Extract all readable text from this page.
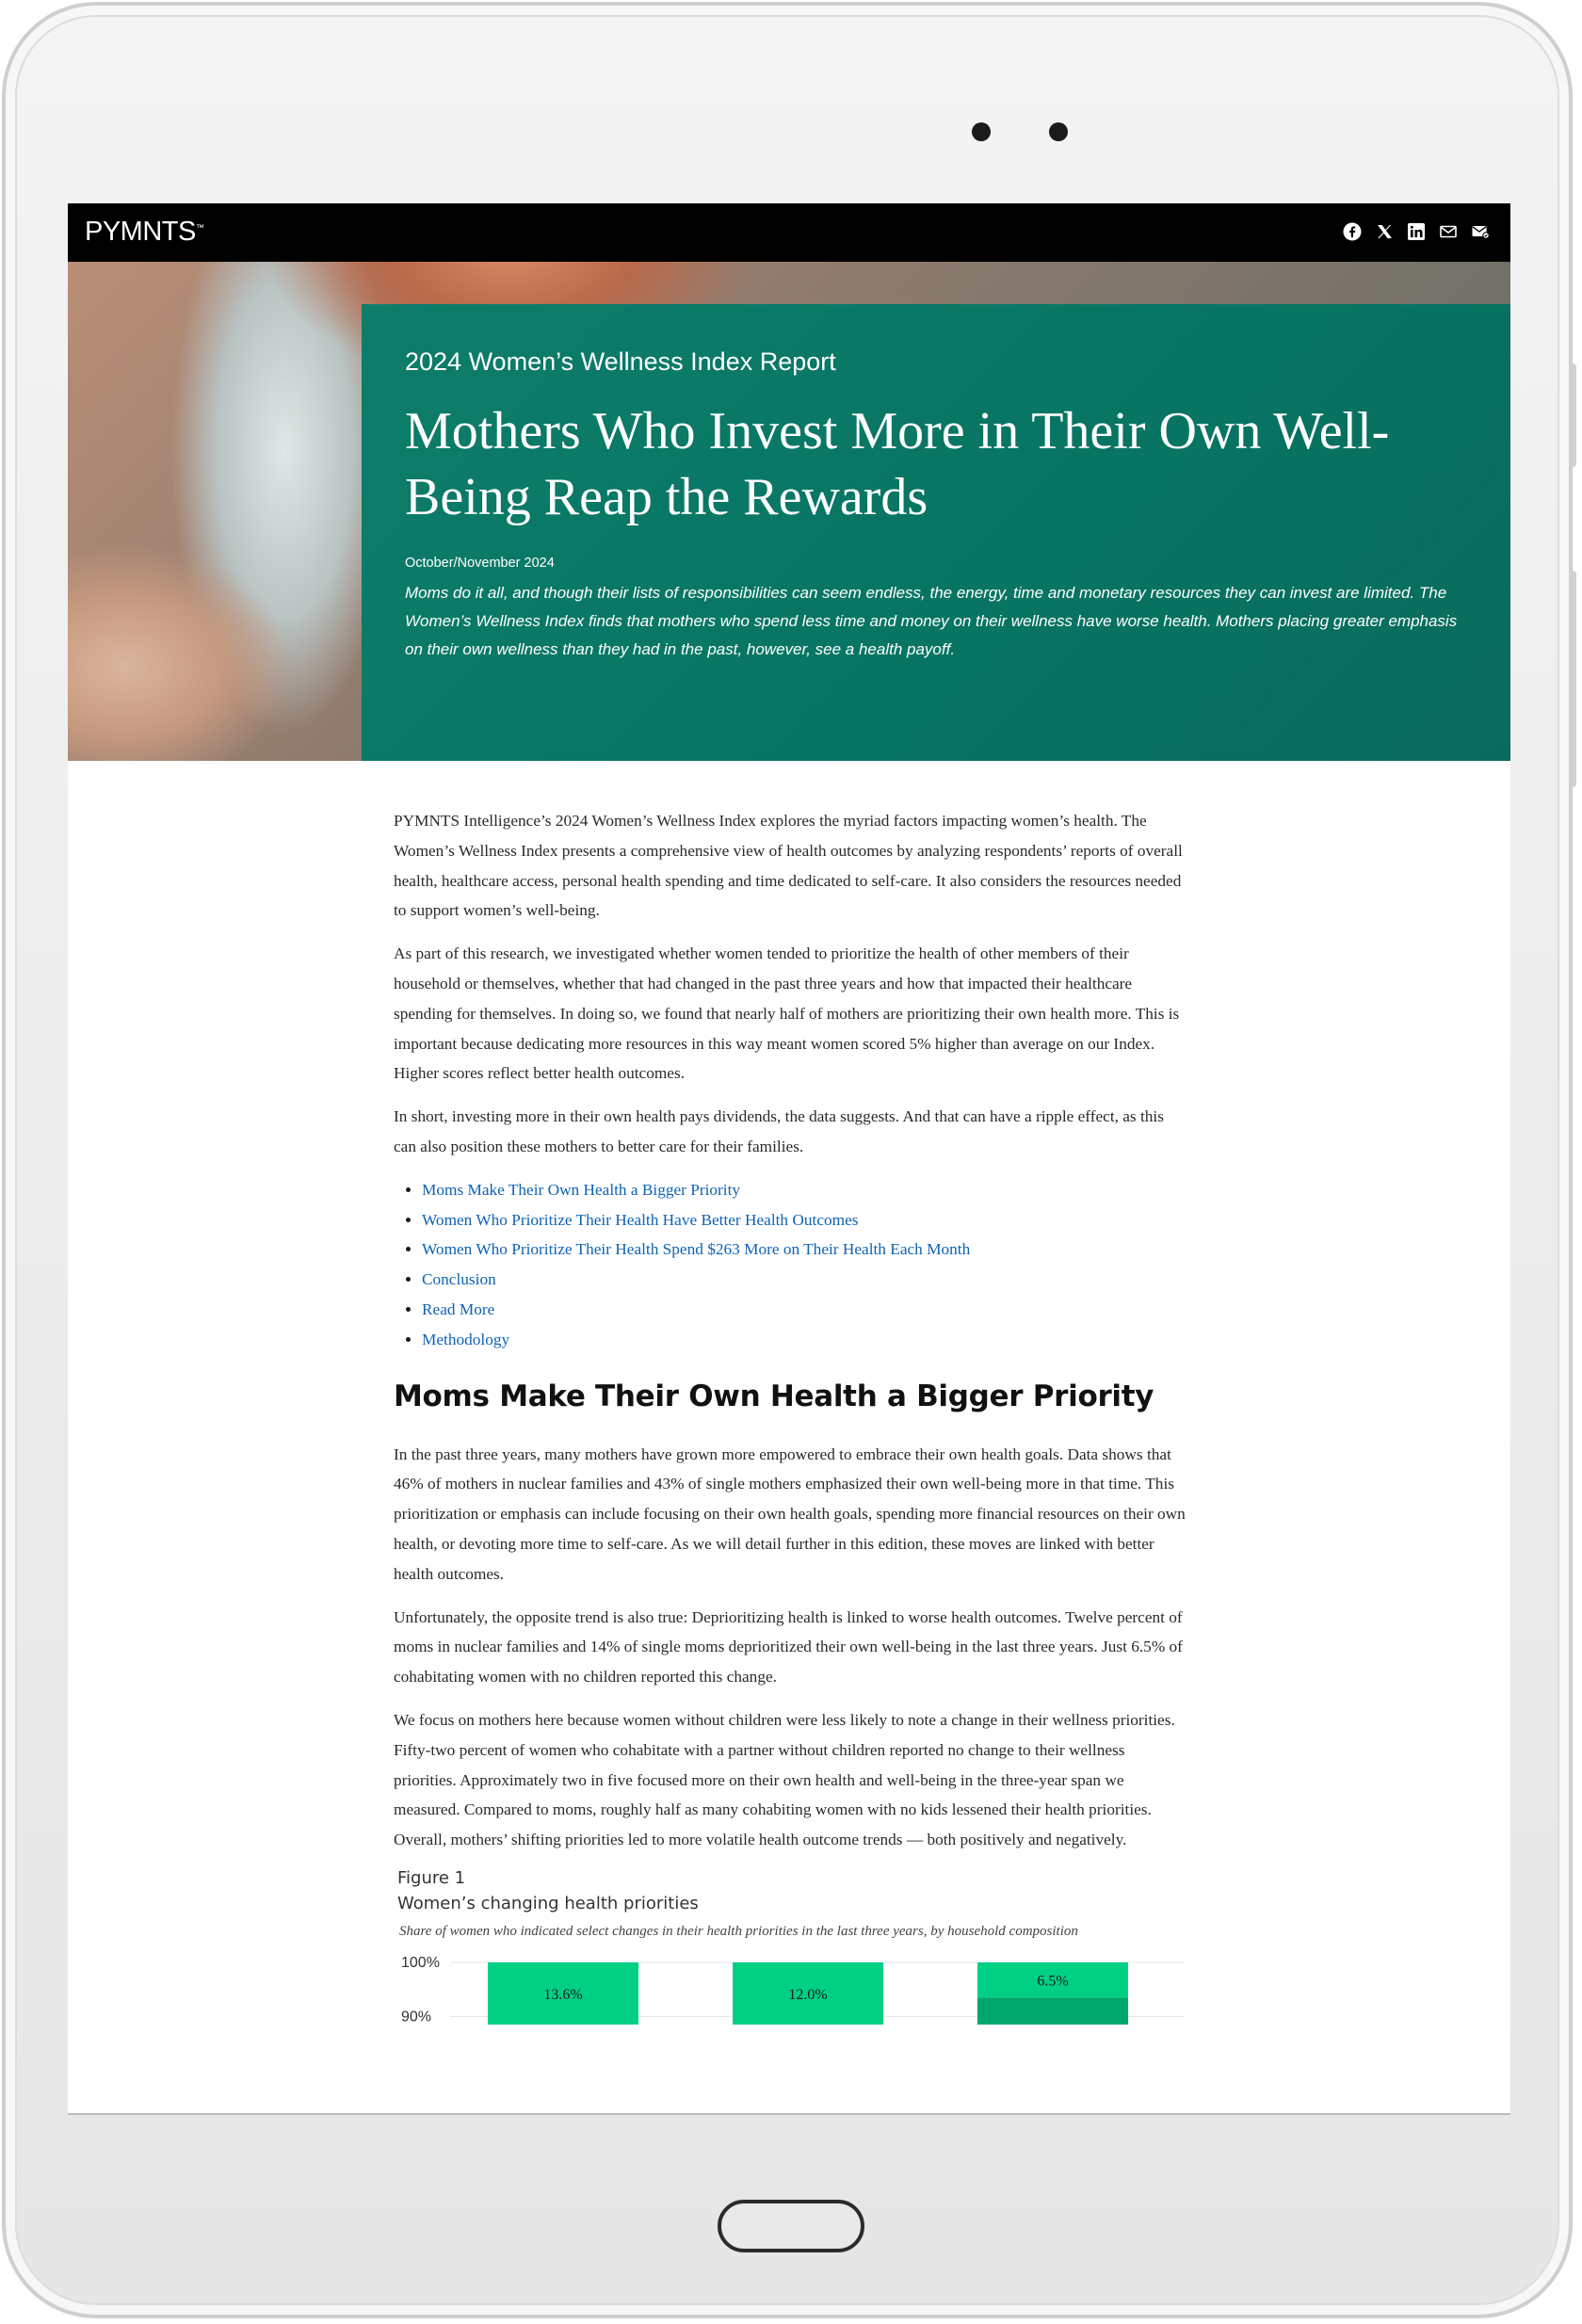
PYMNTS™
2024 Women’s Wellness Index Report
Mothers Who Invest More in Their Own Well-Being Reap the Rewards
October/November 2024
Moms do it all, and though their lists of responsibilities can seem endless, the energy, time and monetary resources they can invest are limited. The Women’s Wellness Index finds that mothers who spend less time and money on their wellness have worse health. Mothers placing greater emphasis on their own wellness than they had in the past, however, see a health payoff.

PYMNTS Intelligence’s 2024 Women’s Wellness Index explores the myriad factors impacting women’s health. The Women’s Wellness Index presents a comprehensive view of health outcomes by analyzing respondents’ reports of overall health, healthcare access, personal health spending and time dedicated to self-care. It also considers the resources needed to support women’s well-being.

As part of this research, we investigated whether women tended to prioritize the health of other members of their household or themselves, whether that had changed in the past three years and how that impacted their healthcare spending for themselves. In doing so, we found that nearly half of mothers are prioritizing their own health more. This is important because dedicating more resources in this way meant women scored 5% higher than average on our Index. Higher scores reflect better health outcomes.

In short, investing more in their own health pays dividends, the data suggests. And that can have a ripple effect, as this can also position these mothers to better care for their families.

• Moms Make Their Own Health a Bigger Priority
• Women Who Prioritize Their Health Have Better Health Outcomes
• Women Who Prioritize Their Health Spend $263 More on Their Health Each Month
• Conclusion
• Read More
• Methodology
Moms Make Their Own Health a Bigger Priority

In the past three years, many mothers have grown more empowered to embrace their own health goals. Data shows that 46% of mothers in nuclear families and 43% of single mothers emphasized their own well-being more in that time. This prioritization or emphasis can include focusing on their own health goals, spending more financial resources on their own health, or devoting more time to self-care. As we will detail further in this edition, these moves are linked with better health outcomes.

Unfortunately, the opposite trend is also true: Deprioritizing health is linked to worse health outcomes. Twelve percent of moms in nuclear families and 14% of single moms deprioritized their own well-being in the last three years. Just 6.5% of cohabitating women with no children reported this change.

We focus on mothers here because women without children were less likely to note a change in their wellness priorities. Fifty-two percent of women who cohabitate with a partner without children reported no change to their wellness priorities. Approximately two in five focused more on their own health and well-being in the three-year span we measured. Compared to moms, roughly half as many cohabiting women with no kids lessened their health priorities. Overall, mothers’ shifting priorities led to more volatile health outcome trends — both positively and negatively.

Figure 1
Women’s changing health priorities
Share of women who indicated select changes in their health priorities in the last three years, by household composition
100%
90%
13.6%	12.0%
6.5%
